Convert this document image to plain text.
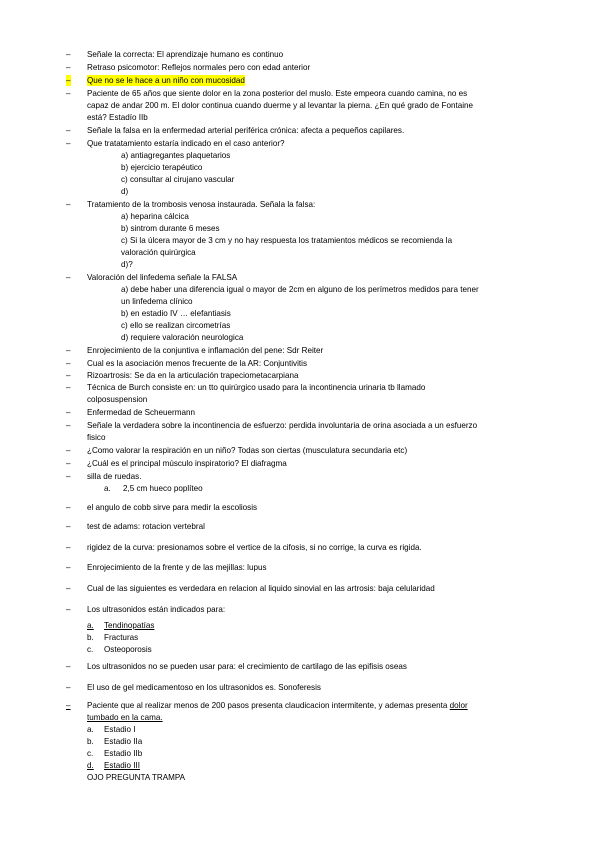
– Señale la correcta: El aprendizaje humano es continuo
– Retraso psicomotor: Reflejos normales pero con edad anterior
– Que no se le hace a un niño con mucosidad
– Paciente de 65 años que siente dolor en la zona posterior del muslo. Este empeora cuando camina, no es
capaz de andar 200 m. El dolor continua cuando duerme y al levantar la pierna. ¿En qué grado de Fontaine
está? Estadío IIb
– Señale la falsa en la enfermedad arterial periférica crónica: afecta a pequeños capilares.
– Que tratatamiento estaría indicado en el caso anterior?
a) antiagregantes plaquetarios
b) ejercicio terapéutico
c) consultar al cirujano vascular
d)
– Tratamiento de la trombosis venosa instaurada. Señala la falsa:
a) heparina cálcica
b) sintrom durante 6 meses
c) Si la úlcera mayor de 3 cm y no hay respuesta los tratamientos médicos se recomienda la
valoración quirúrgica
d)?
– Valoración del linfedema señale la FALSA
a) debe haber una diferencia igual o mayor de 2cm en alguno de los perímetros medidos para tener
un linfedema clínico
b) en estadio IV … elefantiasis
c) ello se realizan circometrías
d) requiere valoración neurologica
– Enrojecimiento de la conjuntiva e inflamación del pene: Sdr Reiter
– Cual es la asociación menos frecuente de la AR: Conjuntivitis
– Rizoartrosis: Se da en la articulación trapeciometacarpiana
– Técnica de Burch consiste en: un tto quirúrgico usado para la incontinencia urinaria tb llamado
colposuspension
– Enfermedad de Scheuermann
– Señale la verdadera sobre la incontinencia de esfuerzo: perdida involuntaria de orina asociada a un esfuerzo
fisico
– ¿Como valorar la respiración en un niño? Todas son ciertas (musculatura secundaria etc)
– ¿Cuál es el principal músculo inspiratorio? El diafragma
– silla de ruedas.
a. 2,5 cm hueco poplíteo
– el angulo de cobb sirve para medir la escoliosis
– test de adams: rotacion vertebral
– rigidez de la curva: presionamos sobre el vertice de la cifosis, si no corrige, la curva es rigida.
– Enrojecimiento de la frente y de las mejillas: lupus
– Cual de las siguientes es verdedara en relacion al liquido sinovial en las artrosis: baja celularidad
– Los ultrasonidos están indicados para:
a. Tendinopatías
b. Fracturas
c. Osteoporosis
– Los ultrasonidos no se pueden usar para: el crecimiento de cartilago de las epifisis oseas
– El uso de gel medicamentoso en los ultrasonidos es. Sonoferesis
– Paciente que al realizar menos de 200 pasos presenta claudicacion intermitente, y ademas presenta dolor
tumbado en la cama.
a. Estadio I
b. Estadio IIa
c. Estadio IIb
d. Estadio III
OJO PREGUNTA TRAMPA
